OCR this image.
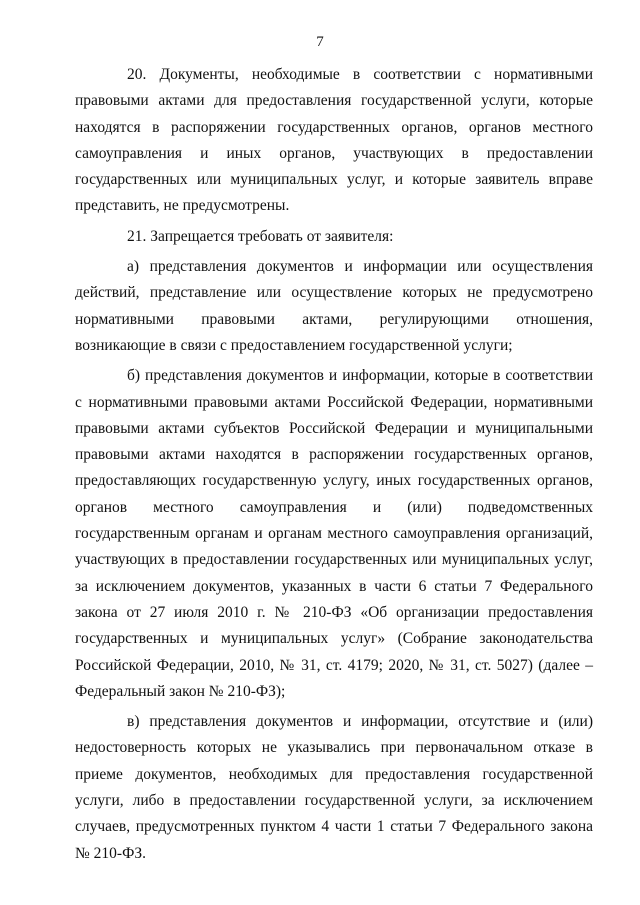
7

20. Документы, необходимые в соответствии с нормативными правовыми актами для предоставления государственной услуги, которые находятся в распоряжении государственных органов, органов местного самоуправления и иных органов, участвующих в предоставлении государственных или муниципальных услуг, и которые заявитель вправе представить, не предусмотрены.

21. Запрещается требовать от заявителя:

а) представления документов и информации или осуществления действий, представление или осуществление которых не предусмотрено нормативными правовыми актами, регулирующими отношения, возникающие в связи с предоставлением государственной услуги;

б) представления документов и информации, которые в соответствии с нормативными правовыми актами Российской Федерации, нормативными правовыми актами субъектов Российской Федерации и муниципальными правовыми актами находятся в распоряжении государственных органов, предоставляющих государственную услугу, иных государственных органов, органов местного самоуправления и (или) подведомственных государственным органам и органам местного самоуправления организаций, участвующих в предоставлении государственных или муниципальных услуг, за исключением документов, указанных в части 6 статьи 7 Федерального закона от 27 июля 2010 г. № 210-ФЗ «Об организации предоставления государственных и муниципальных услуг» (Собрание законодательства Российской Федерации, 2010, № 31, ст. 4179; 2020, № 31, ст. 5027) (далее – Федеральный закон № 210-ФЗ);

в) представления документов и информации, отсутствие и (или) недостоверность которых не указывались при первоначальном отказе в приеме документов, необходимых для предоставления государственной услуги, либо в предоставлении государственной услуги, за исключением случаев, предусмотренных пунктом 4 части 1 статьи 7 Федерального закона № 210-ФЗ.
